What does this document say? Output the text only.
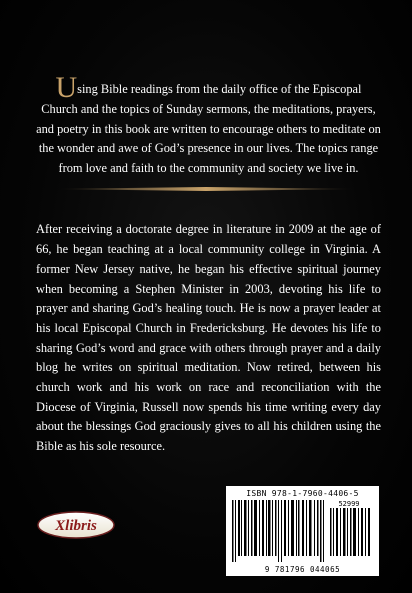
Using Bible readings from the daily office of the Episcopal Church and the topics of Sunday sermons, the meditations, prayers, and poetry in this book are written to encourage others to meditate on the wonder and awe of God’s presence in our lives. The topics range from love and faith to the community and society we live in.

After receiving a doctorate degree in literature in 2009 at the age of 66, he began teaching at a local community college in Virginia. A former New Jersey native, he began his effective spiritual journey when becoming a Stephen Minister in 2003, devoting his life to prayer and sharing God’s healing touch. He is now a prayer leader at his local Episcopal Church in Fredericksburg. He devotes his life to sharing God’s word and grace with others through prayer and a daily blog he writes on spiritual meditation. Now retired, between his church work and his work on race and reconciliation with the Diocese of Virginia, Russell now spends his time writing every day about the blessings God graciously gives to all his children using the Bible as his sole resource.

Xlibris
ISBN 978-1-7960-4406-5
52999
9 781796 044065
